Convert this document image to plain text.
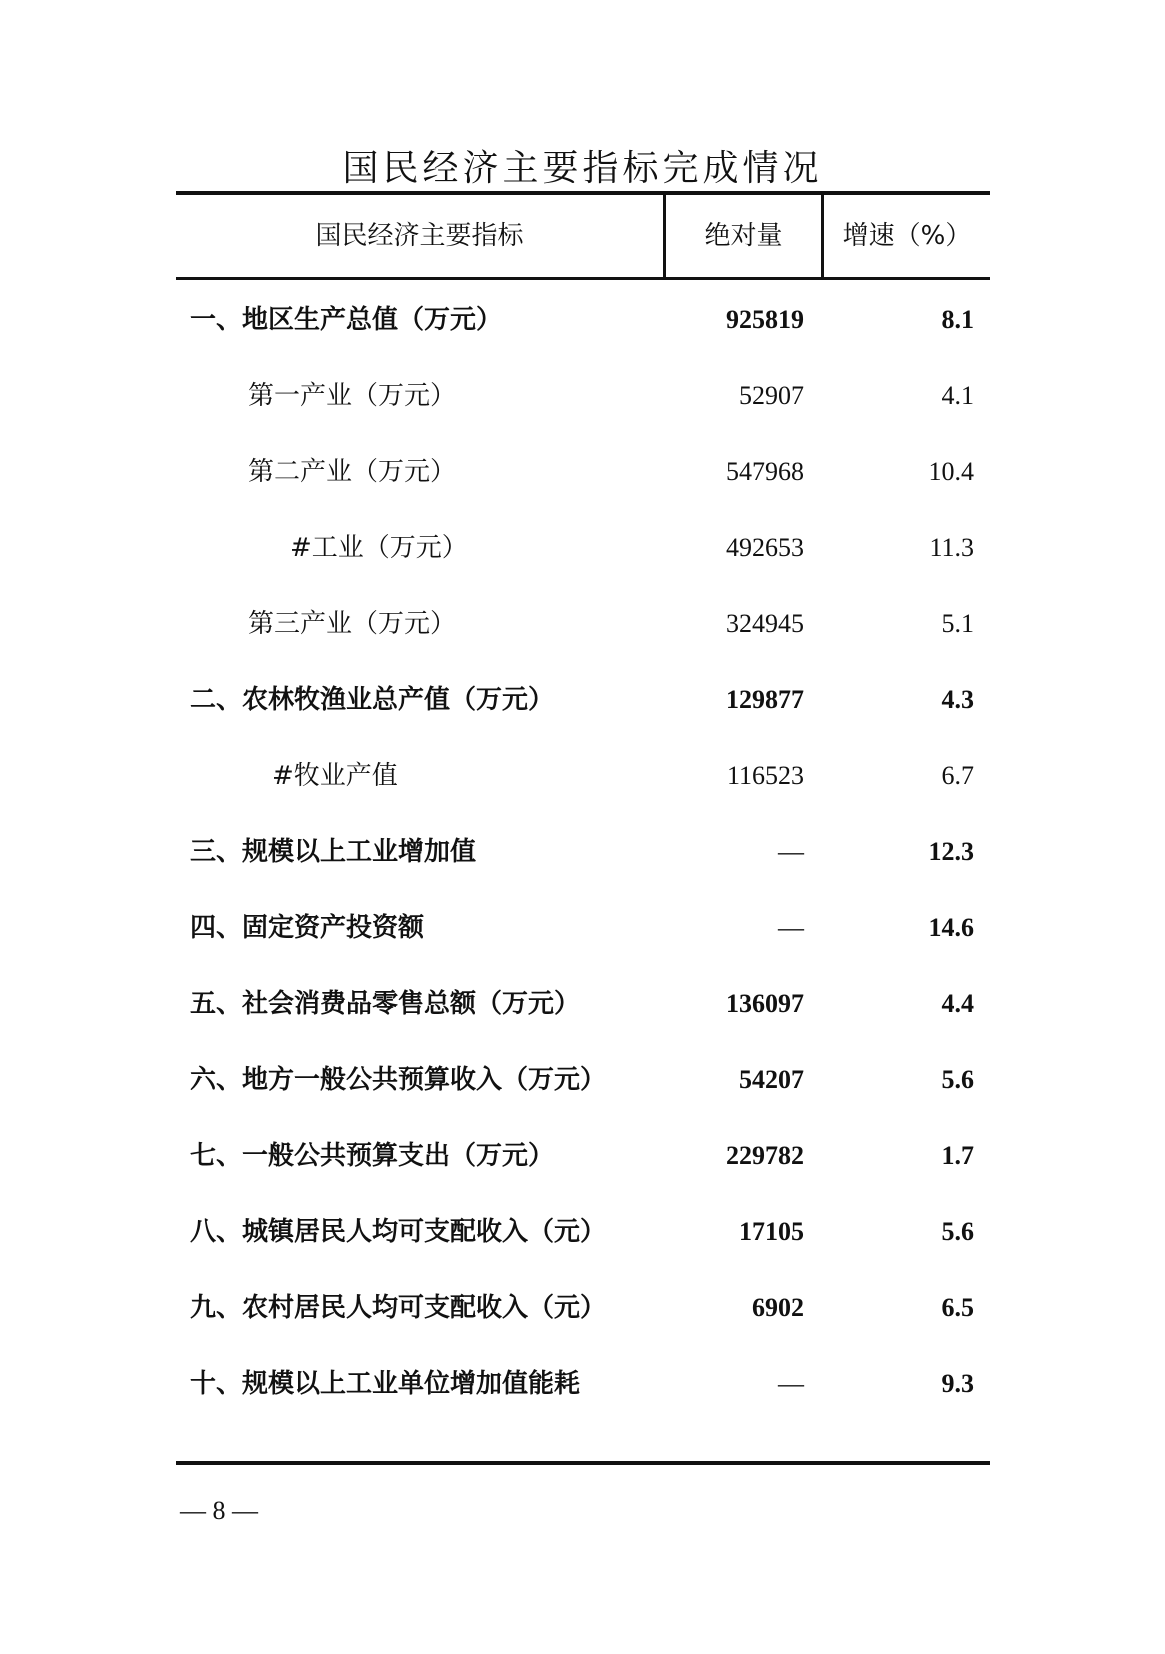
国民经济主要指标完成情况
国民经济主要指标	绝对量	增速（%）
一、地区生产总值（万元）	925819	8.1
第一产业（万元）	52907	4.1
第二产业（万元）	547968	10.4
#工业（万元）	492653	11.3
第三产业（万元）	324945	5.1
二、农林牧渔业总产值（万元）	129877	4.3
#牧业产值	116523	6.7
三、规模以上工业增加值	—	12.3
四、固定资产投资额	—	14.6
五、社会消费品零售总额（万元）	136097	4.4
六、地方一般公共预算收入（万元）	54207	5.6
七、一般公共预算支出（万元）	229782	1.7
八、城镇居民人均可支配收入（元）	17105	5.6
九、农村居民人均可支配收入（元）	6902	6.5
十、规模以上工业单位增加值能耗	—	9.3
— 8 —
